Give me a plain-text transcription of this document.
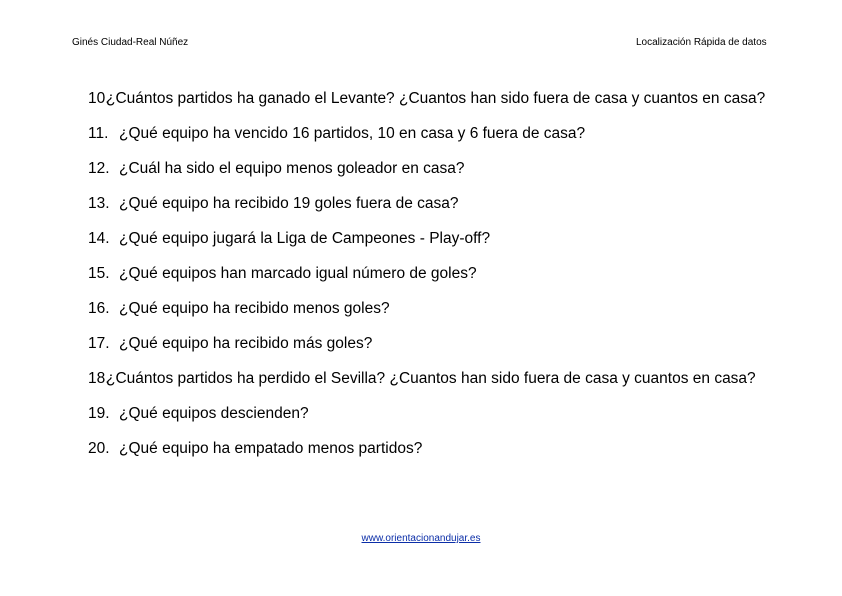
Ginés Ciudad-Real Núñez	Localización Rápida de datos
10.
¿Cuántos partidos ha ganado el Levante? ¿Cuantos han sido fuera de casa y cuantos en casa?
11. ¿Qué equipo ha vencido 16 partidos, 10 en casa y 6 fuera de casa?
12. ¿Cuál ha sido el equipo menos goleador en casa?
13. ¿Qué equipo ha recibido 19 goles fuera de casa?
14. ¿Qué equipo jugará la Liga de Campeones - Play-off?
15. ¿Qué equipos han marcado igual número de goles?
16. ¿Qué equipo ha recibido menos goles?
17. ¿Qué equipo ha recibido más goles?
18.
¿Cuántos partidos ha perdido el Sevilla? ¿Cuantos han sido fuera de casa y cuantos en casa?
19. ¿Qué equipos descienden?
20. ¿Qué equipo ha empatado menos partidos?
www.orientacionandujar.es
